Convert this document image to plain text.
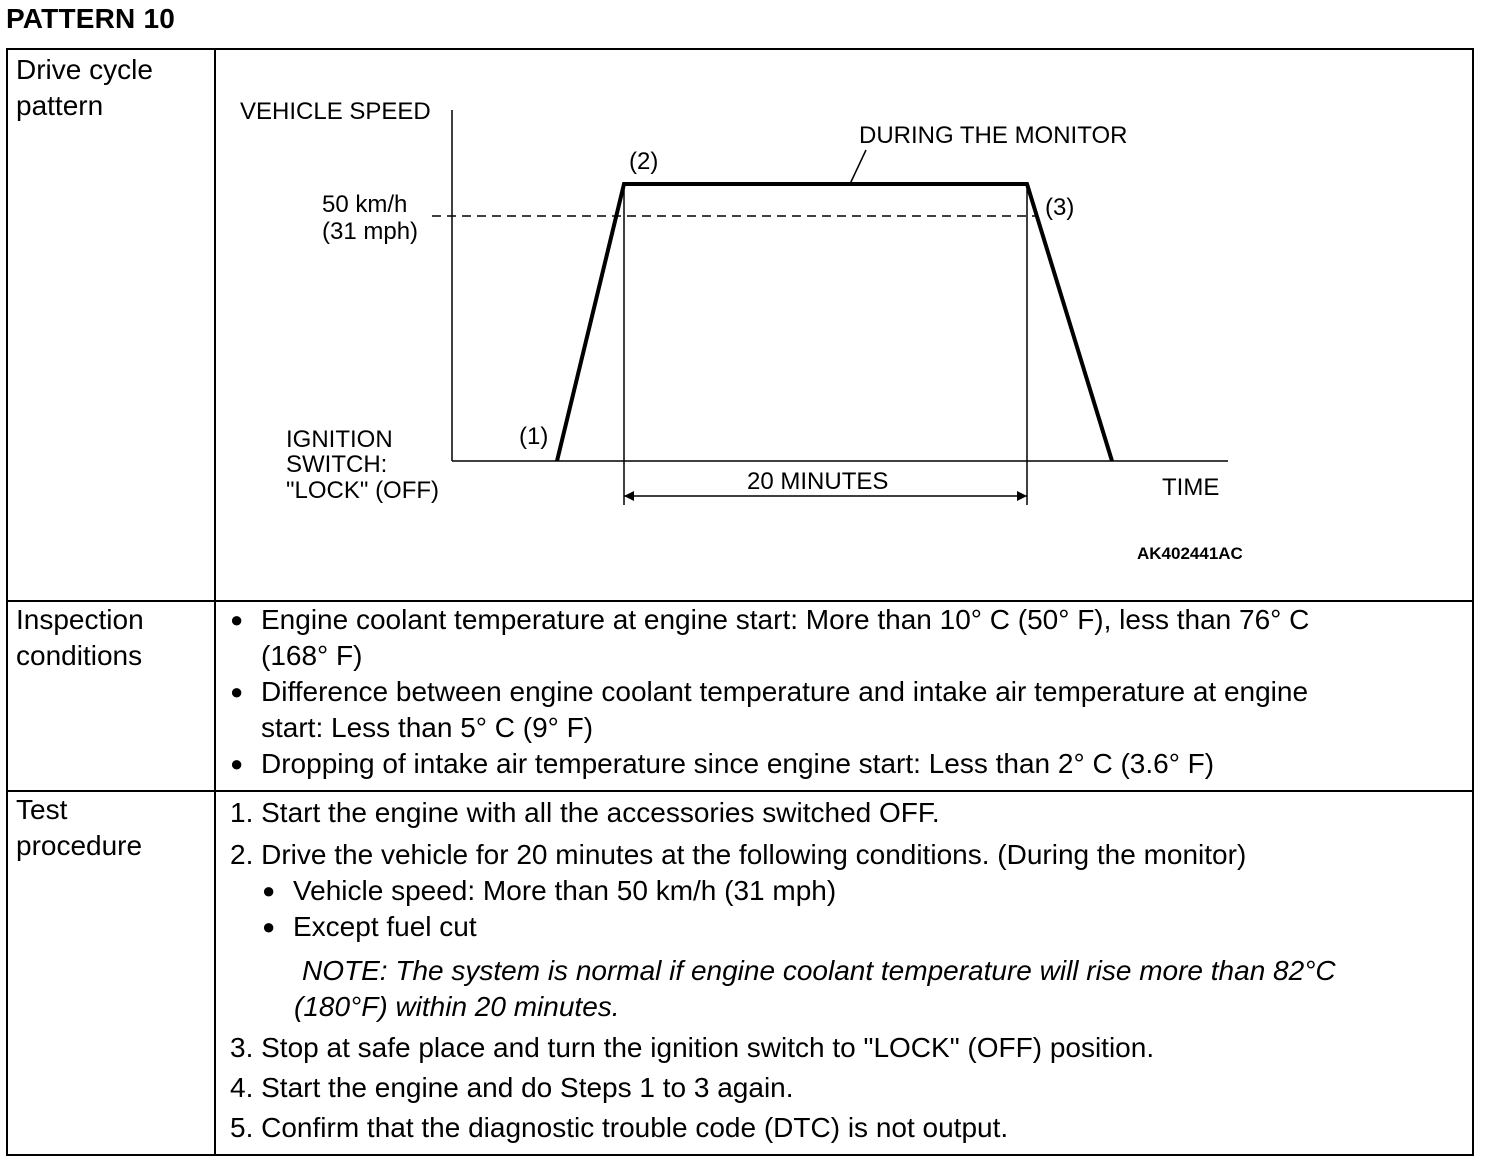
PATTERN 10
Drive cycle
pattern
Inspection
conditions
Test
procedure
● Engine coolant temperature at engine start: More than 10° C (50° F), less than 76° C
(168° F)
● Difference between engine coolant temperature and intake air temperature at engine
start: Less than 5° C (9° F)
● Dropping of intake air temperature since engine start: Less than 2° C (3.6° F)
1. Start the engine with all the accessories switched OFF.
2. Drive the vehicle for 20 minutes at the following conditions. (During the monitor)
● Vehicle speed: More than 50 km/h (31 mph)
● Except fuel cut
NOTE: The system is normal if engine coolant temperature will rise more than 82°C
(180°F) within 20 minutes.
3. Stop at safe place and turn the ignition switch to "LOCK" (OFF) position.
4. Start the engine and do Steps 1 to 3 again.
5. Confirm that the diagnostic trouble code (DTC) is not output.
VEHICLE SPEED
DURING THE MONITOR
(2)
50 km/h
(31 mph)
(3)
(1)
IGNITION
SWITCH:
"LOCK" (OFF)	20 MINUTES	TIME
AK402441AC
